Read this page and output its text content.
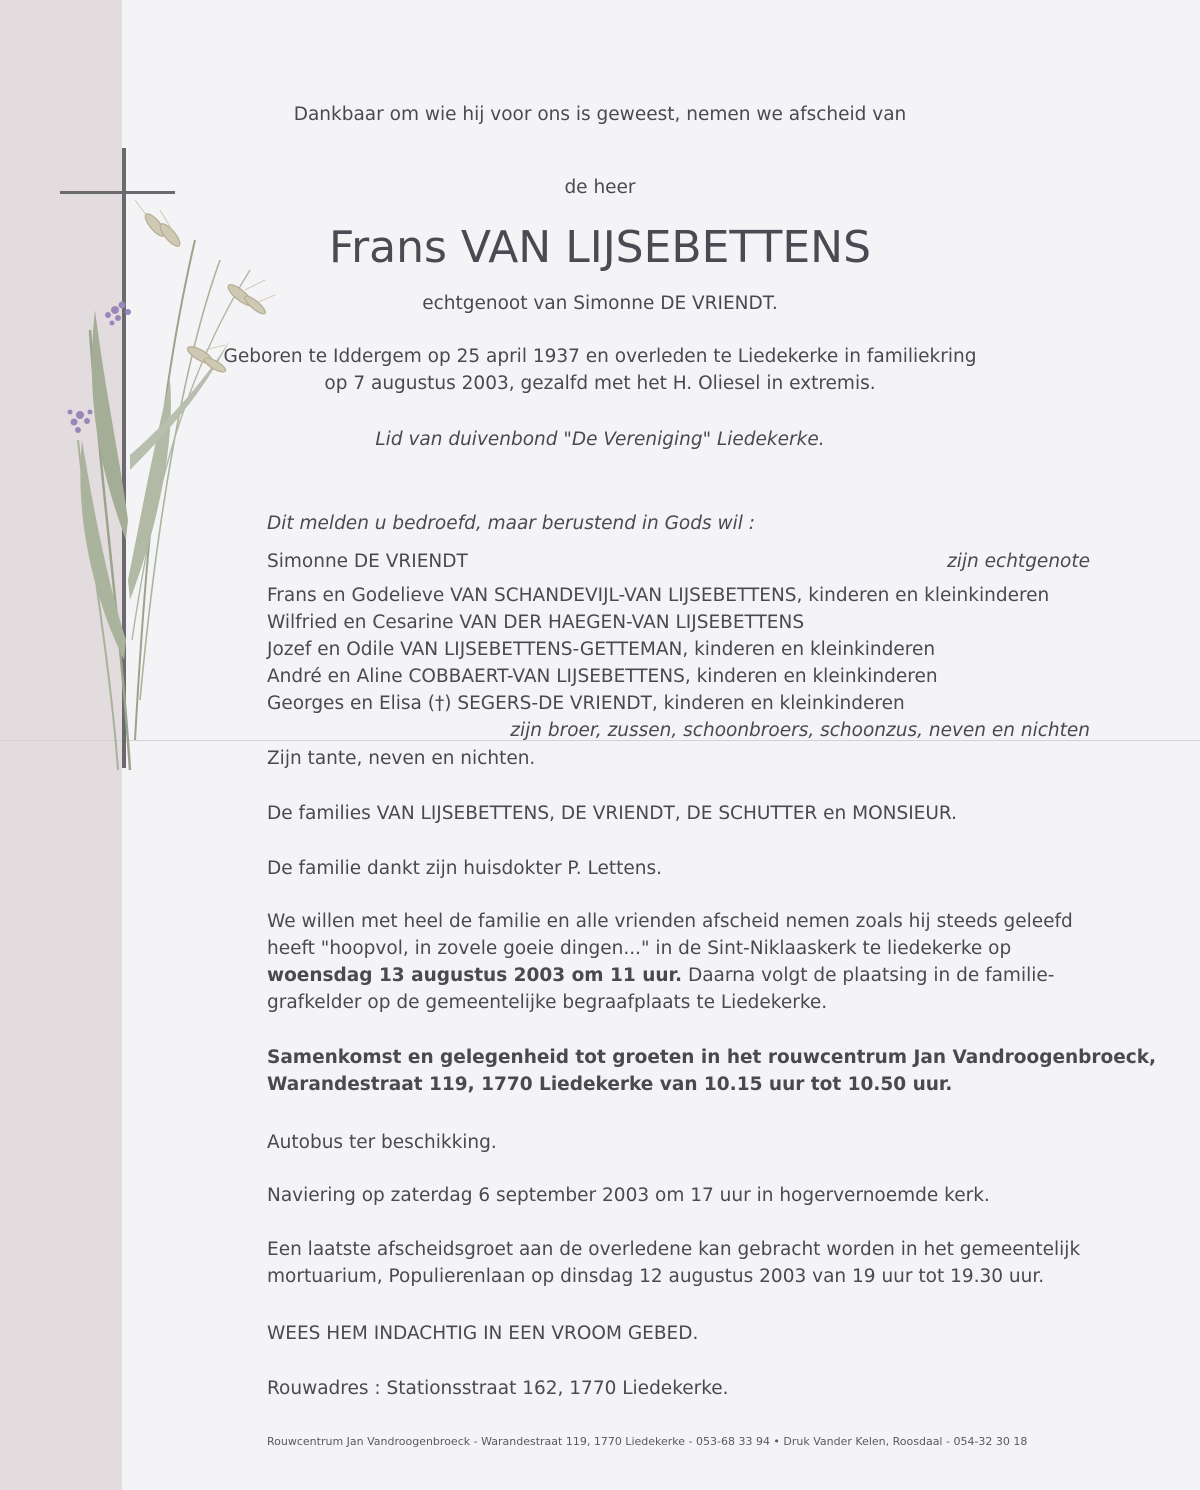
Dankbaar om wie hij voor ons is geweest, nemen we afscheid van
de heer
Frans VAN LIJSEBETTENS
echtgenoot van Simonne DE VRIENDT.
Geboren te Iddergem op 25 april 1937 en overleden te Liedekerke in familiekring
op 7 augustus 2003, gezalfd met het H. Oliesel in extremis.
Lid van duivenbond "De Vereniging" Liedekerke.
Dit melden u bedroefd, maar berustend in Gods wil :
Simonne DE VRIENDT	zijn echtgenote
Frans en Godelieve VAN SCHANDEVIJL-VAN LIJSEBETTENS, kinderen en kleinkinderen
Wilfried en Cesarine VAN DER HAEGEN-VAN LIJSEBETTENS
Jozef en Odile VAN LIJSEBETTENS-GETTEMAN, kinderen en kleinkinderen
André en Aline COBBAERT-VAN LIJSEBETTENS, kinderen en kleinkinderen
Georges en Elisa (†) SEGERS-DE VRIENDT, kinderen en kleinkinderen
zijn broer, zussen, schoonbroers, schoonzus, neven en nichten
Zijn tante, neven en nichten.
De families VAN LIJSEBETTENS, DE VRIENDT, DE SCHUTTER en MONSIEUR.
De familie dankt zijn huisdokter P. Lettens.
We willen met heel de familie en alle vrienden afscheid nemen zoals hij steeds geleefd
heeft "hoopvol, in zovele goeie dingen..." in de Sint-Niklaaskerk te liedekerke op
woensdag 13 augustus 2003 om 11 uur. Daarna volgt de plaatsing in de familie-
grafkelder op de gemeentelijke begraafplaats te Liedekerke.
Samenkomst en gelegenheid tot groeten in het rouwcentrum Jan Vandroogenbroeck,
Warandestraat 119, 1770 Liedekerke van 10.15 uur tot 10.50 uur.
Autobus ter beschikking.
Naviering op zaterdag 6 september 2003 om 17 uur in hogervernoemde kerk.
Een laatste afscheidsgroet aan de overledene kan gebracht worden in het gemeentelijk
mortuarium, Populierenlaan op dinsdag 12 augustus 2003 van 19 uur tot 19.30 uur.
WEES HEM INDACHTIG IN EEN VROOM GEBED.
Rouwadres : Stationsstraat 162, 1770 Liedekerke.
Rouwcentrum Jan Vandroogenbroeck - Warandestraat 119, 1770 Liedekerke - 053-68 33 94 • Druk Vander Kelen, Roosdaal - 054-32 30 18
